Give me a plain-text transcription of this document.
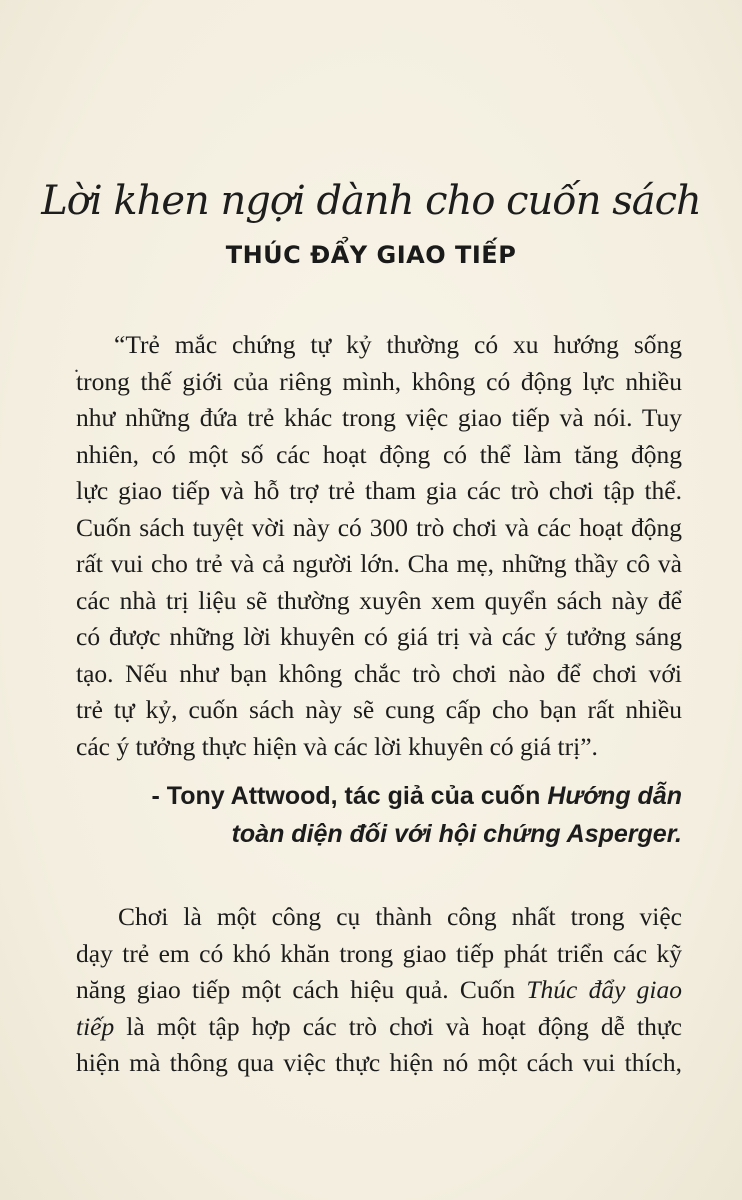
Lời khen ngợi dành cho cuốn sách
THÚC ĐẨY GIAO TIẾP
.

“Trẻ mắc chứng tự kỷ thường có xu hướng sống
trong thế giới của riêng mình, không có động lực nhiều
như những đứa trẻ khác trong việc giao tiếp và nói. Tuy
nhiên, có một số các hoạt động có thể làm tăng động
lực giao tiếp và hỗ trợ trẻ tham gia các trò chơi tập thể.
Cuốn sách tuyệt vời này có 300 trò chơi và các hoạt động
rất vui cho trẻ và cả người lớn. Cha mẹ, những thầy cô và
các nhà trị liệu sẽ thường xuyên xem quyển sách này để
có được những lời khuyên có giá trị và các ý tưởng sáng
tạo. Nếu như bạn không chắc trò chơi nào để chơi với
trẻ tự kỷ, cuốn sách này sẽ cung cấp cho bạn rất nhiều
các ý tưởng thực hiện và các lời khuyên có giá trị”.

- Tony Attwood, tác giả của cuốn Hướng dẫn
toàn diện đối với hội chứng Asperger.

Chơi là một công cụ thành công nhất trong việc
dạy trẻ em có khó khăn trong giao tiếp phát triển các kỹ
năng giao tiếp một cách hiệu quả. Cuốn Thúc đẩy giao
tiếp là một tập hợp các trò chơi và hoạt động dễ thực
hiện mà thông qua việc thực hiện nó một cách vui thích,
